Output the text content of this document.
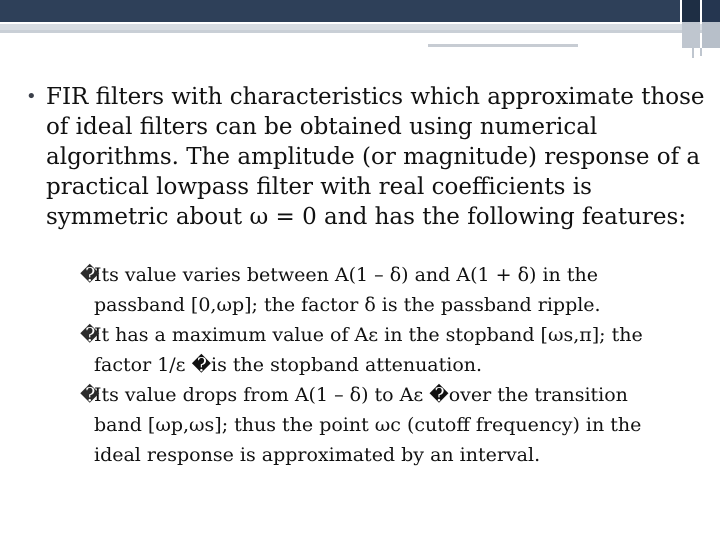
• FIR filters with characteristics which approximate those of ideal filters can be obtained using numerical algorithms. The amplitude (or magnitude) response of a practical lowpass filter with real coefficients is symmetric about ω = 0 and has the following features:
�
Its value varies between A(1 – δ) and A(1 + δ) in the
passband [0,ωp]; the factor δ is the passband ripple.
�
It has a maximum value of Aε in the stopband [ωs,π]; the
factor 1/ε �is the stopband attenuation.
�
Its value drops from A(1 – δ) to Aε �over the transition
band [ωp,ωs]; thus the point ωc (cutoff frequency) in the
ideal response is approximated by an interval.
